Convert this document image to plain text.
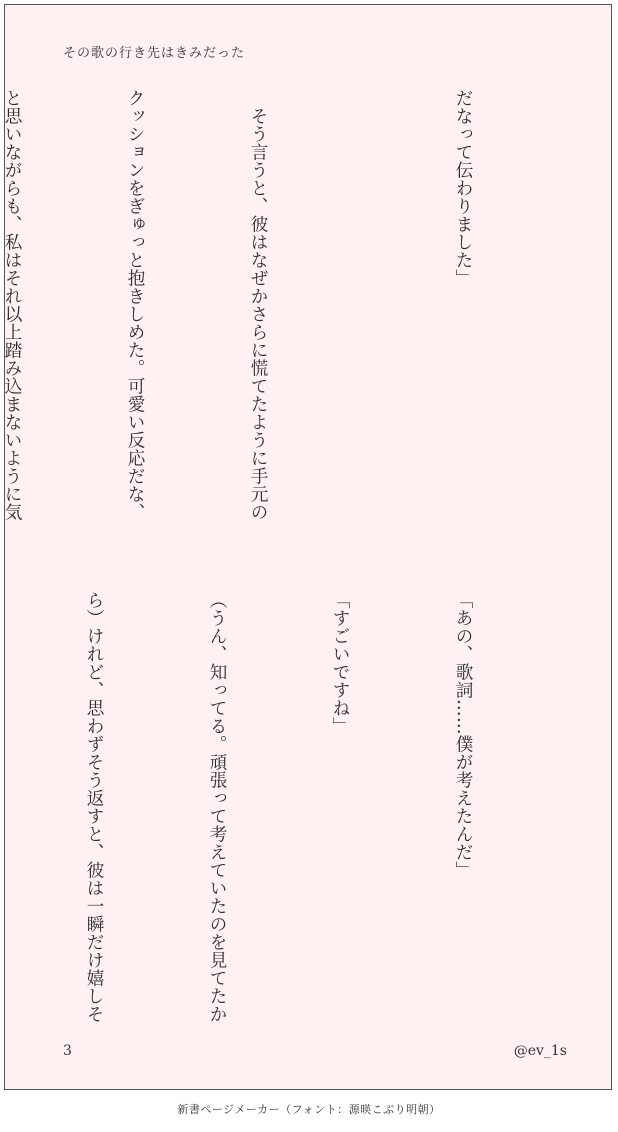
その歌の行き先はきみだった

だなって伝わりました」

　そう言うと、彼はなぜかさらに慌てたように手元の

クッションをぎゅっと抱きしめた。可愛い反応だな、

と思いながらも、私はそれ以上踏み込まないように気

「あの、歌詞……僕が考えたんだ」

「すごいですね」

（うん、知ってる。頑張って考えていたのを見てたか

ら）けれど、思わずそう返すと、彼は一瞬だけ嬉しそ

3	@ev_1s
新書ページメーカー（フォント：源暎こぶり明朝）
